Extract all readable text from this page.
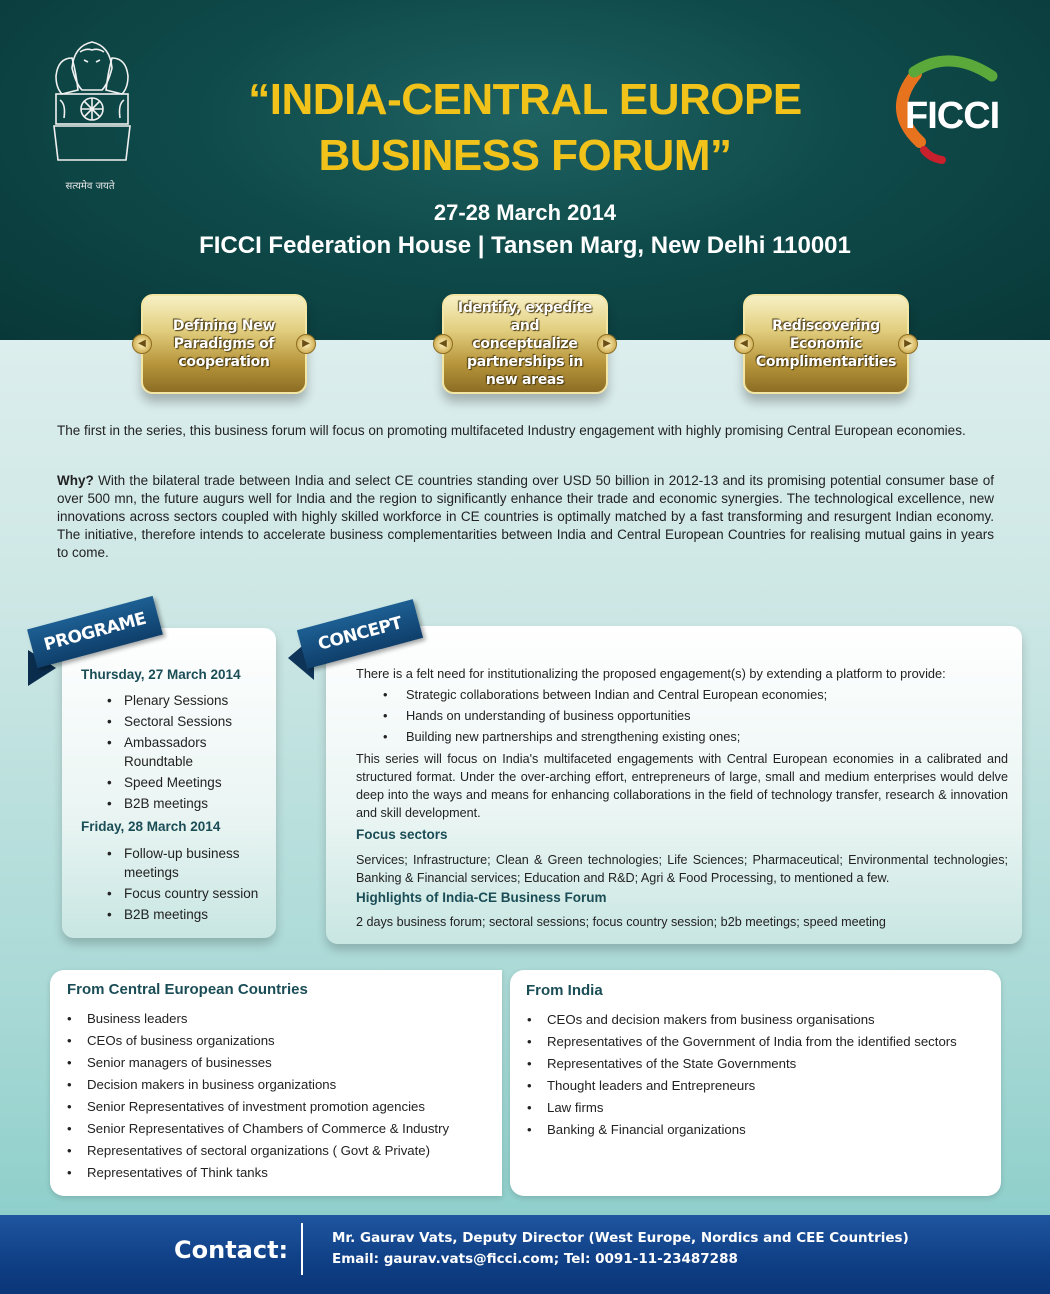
सत्यमेव जयते
“INDIA-CENTRAL EUROPE
BUSINESS FORUM”
27-28 March 2014
FICCI Federation House | Tansen Marg, New Delhi 110001
FICCI
◀
Defining New Paradigms of cooperation
▶	◀
Identify, expedite and conceptualize partnerships in new areas
▶	◀
Rediscovering Economic Complimentarities
▶

The first in the series, this business forum will focus on promoting multifaceted Industry engagement with highly promising Central European economies.

Why? With the bilateral trade between India and select CE countries standing over USD 50 billion in 2012-13 and its promising potential consumer base of over 500 mn, the future augurs well for India and the region to significantly enhance their trade and economic synergies. The technological excellence, new innovations across sectors coupled with highly skilled workforce in CE countries is optimally matched by a fast transforming and resurgent Indian economy. The initiative, therefore intends to accelerate business complementarities between India and Central European Countries for realising mutual gains in years to come.

PROGRAME
Thursday, 27 March 2014
• Plenary Sessions
• Sectoral Sessions
• Ambassadors Roundtable
• Speed Meetings
• B2B meetings
Friday, 28 March 2014
• Follow-up business meetings
• Focus country session
• B2B meetings
CONCEPT

There is a felt need for institutionalizing the proposed engagement(s) by extending a platform to provide:

• Strategic collaborations between Indian and Central European economies;
• Hands on understanding of business opportunities
• Building new partnerships and strengthening existing ones;

This series will focus on India's multifaceted engagements with Central European economies in a calibrated and structured format. Under the over-arching effort, entrepreneurs of large, small and medium enterprises would delve deep into the ways and means for enhancing collaborations in the field of technology transfer, research & innovation and skill development.

Focus sectors

Services; Infrastructure; Clean & Green technologies; Life Sciences; Pharmaceutical; Environmental technologies; Banking & Financial services; Education and R&D; Agri & Food Processing, to mentioned a few.

Highlights of India-CE Business Forum

2 days business forum; sectoral sessions; focus country session; b2b meetings; speed meeting

From Central European Countries
• Business leaders
• CEOs of business organizations
• Senior managers of businesses
• Decision makers in business organizations
• Senior Representatives of investment promotion agencies
• Senior Representatives of Chambers of Commerce & Industry
• Representatives of sectoral organizations ( Govt & Private)
• Representatives of Think tanks
From India
• CEOs and decision makers from business organisations
• Representatives of the Government of India from the identified sectors
• Representatives of the State Governments
• Thought leaders and Entrepreneurs
• Law firms
• Banking & Financial organizations
Contact:	Mr. Gaurav Vats, Deputy Director (West Europe, Nordics and CEE Countries)
Email: gaurav.vats@ficci.com; Tel: 0091-11-23487288
